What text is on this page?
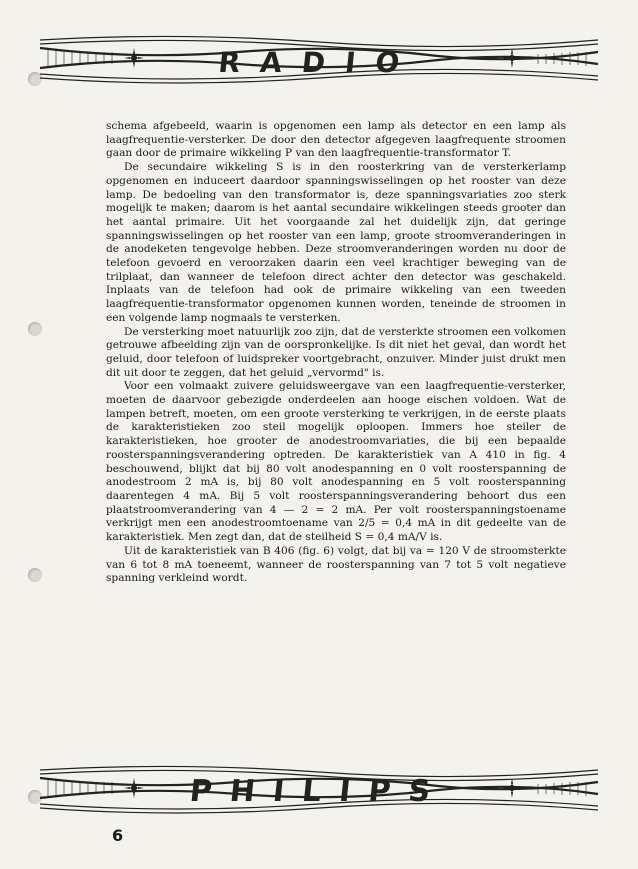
RADIO

schema afgebeeld, waarin is opgenomen een lamp als detector en een lamp als laagfrequentie-versterker. De door den detector afgegeven laagfrequente stroomen gaan door de primaire wikkeling P van den laagfrequentie-transformator T.

De secundaire wikkeling S is in den roosterkring van de versterkerlamp opgenomen en induceert daardoor spanningswisselingen op het rooster van deze lamp. De bedoeling van den transformator is, deze spanningsvariaties zoo sterk mogelijk te maken; daarom is het aantal secundaire wikkelingen steeds grooter dan het aantal primaire. Uit het voorgaande zal het duidelijk zijn, dat geringe spanningswisselingen op het rooster van een lamp, groote stroomveranderingen in de anodeketen tengevolge hebben. Deze stroomveranderingen worden nu door de telefoon gevoerd en veroorzaken daarin een veel krachtiger beweging van de trilplaat, dan wanneer de telefoon direct achter den detector was geschakeld. Inplaats van de telefoon had ook de primaire wikkeling van een tweeden laagfrequentie-transformator opgenomen kunnen worden, teneinde de stroomen in een volgende lamp nogmaals te versterken.

De versterking moet natuurlijk zoo zijn, dat de versterkte stroomen een volkomen getrouwe afbeelding zijn van de oorspronkelijke. Is dit niet het geval, dan wordt het geluid, door telefoon of luidspreker voortgebracht, onzuiver. Minder juist drukt men dit uit door te zeggen, dat het geluid „vervormd" is.

Voor een volmaakt zuivere geluidsweergave van een laagfrequentie-versterker, moeten de daarvoor gebezigde onderdeelen aan hooge eischen voldoen. Wat de lampen betreft, moeten, om een groote versterking te verkrijgen, in de eerste plaats de karakteristieken zoo steil mogelijk oploopen. Immers hoe steiler de karakteristieken, hoe grooter de anodestroomvariaties, die bij een bepaalde roosterspanningsverandering optreden. De karakteristiek van A 410 in fig. 4 beschouwend, blijkt dat bij 80 volt anodespanning en 0 volt roosterspanning de anodestroom 2 mA is, bij 80 volt anodespanning en 5 volt roosterspanning daarentegen 4 mA. Bij 5 volt roosterspanningsverandering behoort dus een plaatstroomverandering van 4 — 2 = 2 mA. Per volt roosterspanningstoename verkrijgt men een anodestroomtoename van 2/5 = 0,4 mA in dit gedeelte van de karakteristiek. Men zegt dan, dat de steilheid S = 0,4 mA/V is.

Uit de karakteristiek van B 406 (fig. 6) volgt, dat bij va = 120 V de stroomsterkte van 6 tot 8 mA toeneemt, wanneer de roosterspanning van 7 tot 5 volt negatieve spanning verkleind wordt.

PHILIPS
6
